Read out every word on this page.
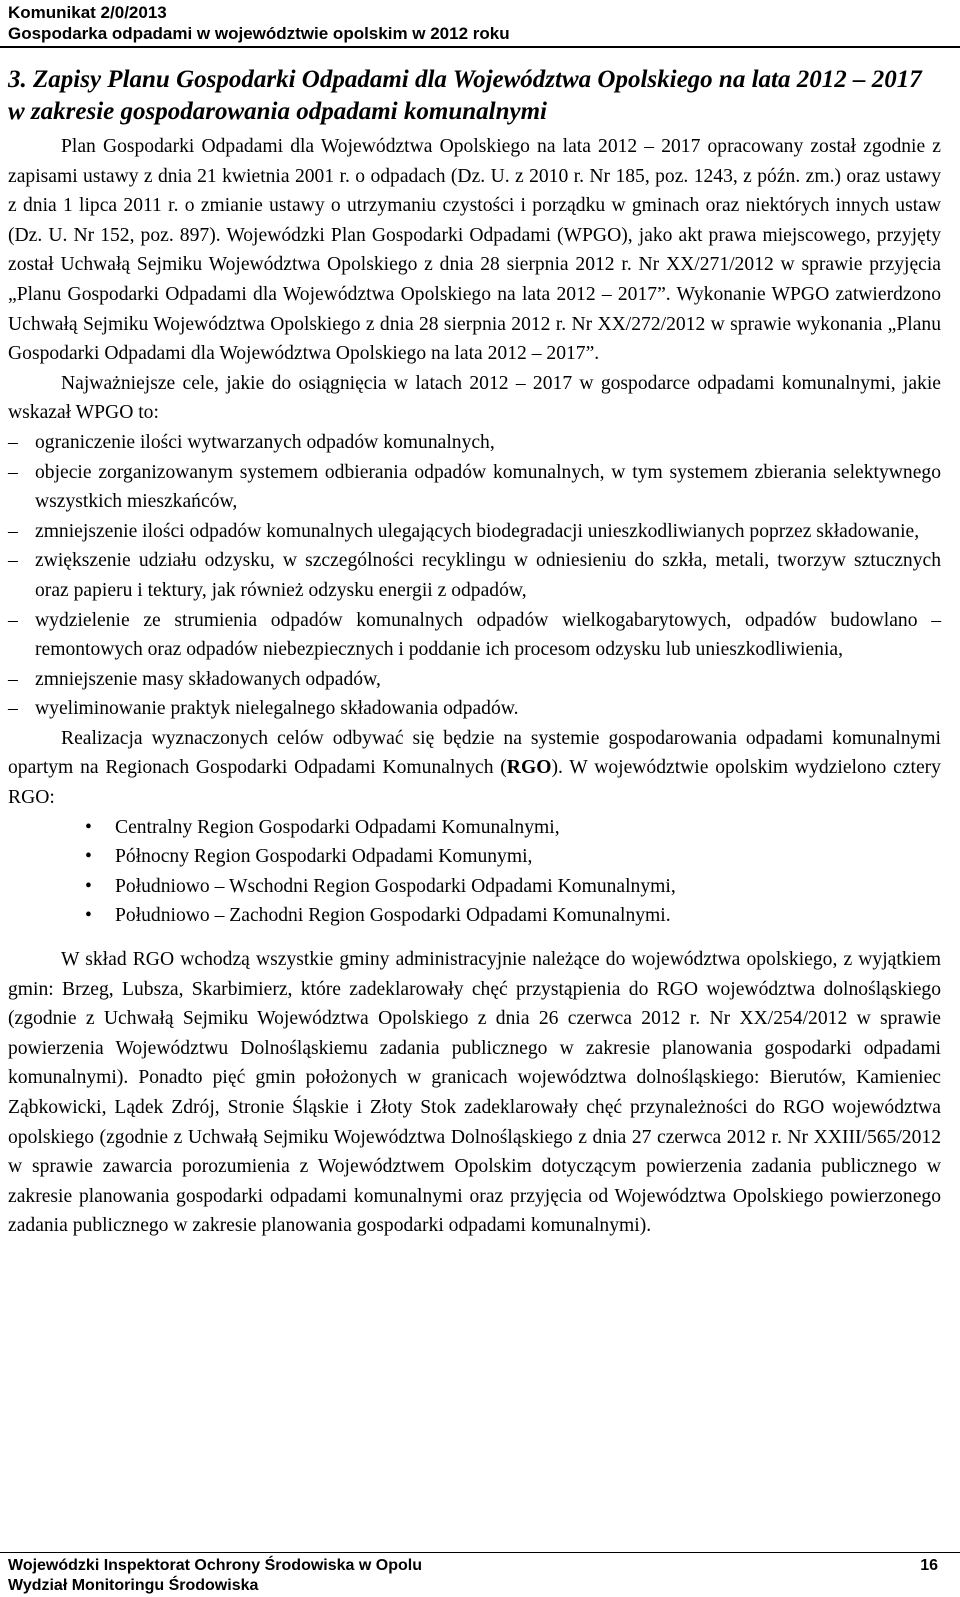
Komunikat 2/0/2013
Gospodarka odpadami w województwie opolskim w 2012 roku
3. Zapisy Planu Gospodarki Odpadami dla Województwa Opolskiego na lata 2012 – 2017 w zakresie gospodarowania odpadami komunalnymi

Plan Gospodarki Odpadami dla Województwa Opolskiego na lata 2012 – 2017 opracowany został zgodnie z zapisami ustawy z dnia 21 kwietnia 2001 r. o odpadach (Dz. U. z 2010 r. Nr 185, poz. 1243, z późn. zm.) oraz ustawy z dnia 1 lipca 2011 r. o zmianie ustawy o utrzymaniu czystości i porządku w gminach oraz niektórych innych ustaw (Dz. U. Nr 152, poz. 897). Wojewódzki Plan Gospodarki Odpadami (WPGO), jako akt prawa miejscowego, przyjęty został Uchwałą Sejmiku Województwa Opolskiego z dnia 28 sierpnia 2012 r. Nr XX/271/2012 w sprawie przyjęcia „Planu Gospodarki Odpadami dla Województwa Opolskiego na lata 2012 – 2017”. Wykonanie WPGO zatwierdzono Uchwałą Sejmiku Województwa Opolskiego z dnia 28 sierpnia 2012 r. Nr XX/272/2012 w sprawie wykonania „Planu Gospodarki Odpadami dla Województwa Opolskiego na lata 2012 – 2017”.

Najważniejsze cele, jakie do osiągnięcia w latach 2012 – 2017 w gospodarce odpadami komunalnymi, jakie wskazał WPGO to:

– ograniczenie ilości wytwarzanych odpadów komunalnych,
– objecie zorganizowanym systemem odbierania odpadów komunalnych, w tym systemem zbierania selektywnego wszystkich mieszkańców,
– zmniejszenie ilości odpadów komunalnych ulegających biodegradacji unieszkodliwianych poprzez składowanie,
– zwiększenie udziału odzysku, w szczególności recyklingu w odniesieniu do szkła, metali, tworzyw sztucznych oraz papieru i tektury, jak również odzysku energii z odpadów,
– wydzielenie ze strumienia odpadów komunalnych odpadów wielkogabarytowych, odpadów budowlano – remontowych oraz odpadów niebezpiecznych i poddanie ich procesom odzysku lub unieszkodliwienia,
– zmniejszenie masy składowanych odpadów,
– wyeliminowanie praktyk nielegalnego składowania odpadów.

Realizacja wyznaczonych celów odbywać się będzie na systemie gospodarowania odpadami komunalnymi opartym na Regionach Gospodarki Odpadami Komunalnych (RGO). W województwie opolskim wydzielono cztery RGO:

• Centralny Region Gospodarki Odpadami Komunalnymi,
• Północny Region Gospodarki Odpadami Komunymi,
• Południowo – Wschodni Region Gospodarki Odpadami Komunalnymi,
• Południowo – Zachodni Region Gospodarki Odpadami Komunalnymi.

W skład RGO wchodzą wszystkie gminy administracyjnie należące do województwa opolskiego, z wyjątkiem gmin: Brzeg, Lubsza, Skarbimierz, które zadeklarowały chęć przystąpienia do RGO województwa dolnośląskiego (zgodnie z Uchwałą Sejmiku Województwa Opolskiego z dnia 26 czerwca 2012 r. Nr XX/254/2012 w sprawie powierzenia Województwu Dolnośląskiemu zadania publicznego w zakresie planowania gospodarki odpadami komunalnymi). Ponadto pięć gmin położonych w granicach województwa dolnośląskiego: Bierutów, Kamieniec Ząbkowicki, Lądek Zdrój, Stronie Śląskie i Złoty Stok zadeklarowały chęć przynależności do RGO województwa opolskiego (zgodnie z Uchwałą Sejmiku Województwa Dolnośląskiego z dnia 27 czerwca 2012 r. Nr XXIII/565/2012 w sprawie zawarcia porozumienia z Województwem Opolskim dotyczącym powierzenia zadania publicznego w zakresie planowania gospodarki odpadami komunalnymi oraz przyjęcia od Województwa Opolskiego powierzonego zadania publicznego w zakresie planowania gospodarki odpadami komunalnymi).

Wojewódzki Inspektorat Ochrony Środowiska w Opolu
Wydział Monitoringu Środowiska
16
